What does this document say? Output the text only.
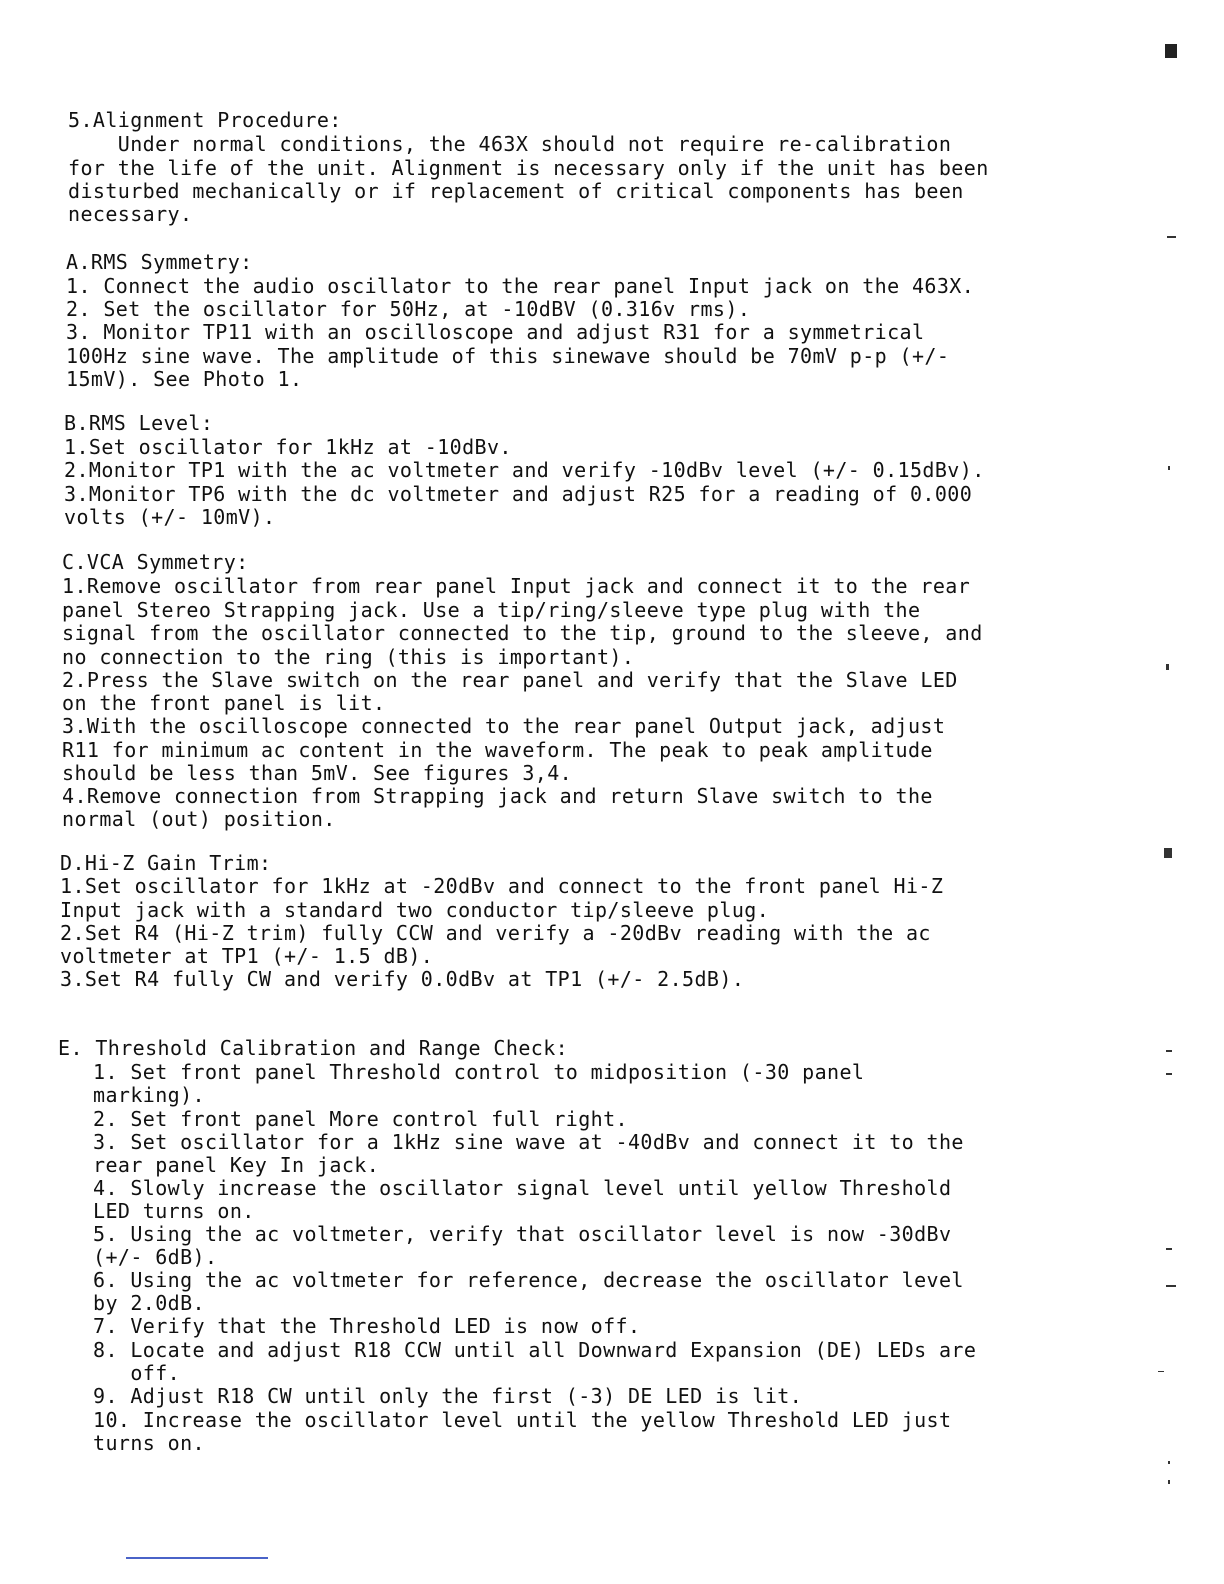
5.Alignment Procedure:
Under normal conditions, the 463X should not require re-calibration
for the life of the unit. Alignment is necessary only if the unit has been
disturbed mechanically or if replacement of critical components has been
necessary.
A.RMS Symmetry:
1. Connect the audio oscillator to the rear panel Input jack on the 463X.
2. Set the oscillator for 50Hz, at -10dBV (0.316v rms).
3. Monitor TP11 with an oscilloscope and adjust R31 for a symmetrical
100Hz sine wave. The amplitude of this sinewave should be 70mV p-p (+/-
15mV). See Photo 1.
B.RMS Level:
1.Set oscillator for 1kHz at -10dBv.
2.Monitor TP1 with the ac voltmeter and verify -10dBv level (+/- 0.15dBv).
3.Monitor TP6 with the dc voltmeter and adjust R25 for a reading of 0.000
volts (+/- 10mV).
C.VCA Symmetry:
1.Remove oscillator from rear panel Input jack and connect it to the rear
panel Stereo Strapping jack. Use a tip/ring/sleeve type plug with the
signal from the oscillator connected to the tip, ground to the sleeve, and
no connection to the ring (this is important).
2.Press the Slave switch on the rear panel and verify that the Slave LED
on the front panel is lit.
3.With the oscilloscope connected to the rear panel Output jack, adjust
R11 for minimum ac content in the waveform. The peak to peak amplitude
should be less than 5mV. See figures 3,4.
4.Remove connection from Strapping jack and return Slave switch to the
normal (out) position.
D.Hi-Z Gain Trim:
1.Set oscillator for 1kHz at -20dBv and connect to the front panel Hi-Z
Input jack with a standard two conductor tip/sleeve plug.
2.Set R4 (Hi-Z trim) fully CCW and verify a -20dBv reading with the ac
voltmeter at TP1 (+/- 1.5 dB).
3.Set R4 fully CW and verify 0.0dBv at TP1 (+/- 2.5dB).
E. Threshold Calibration and Range Check:
1. Set front panel Threshold control to midposition (-30 panel
marking).
2. Set front panel More control full right.
3. Set oscillator for a 1kHz sine wave at -40dBv and connect it to the
rear panel Key In jack.
4. Slowly increase the oscillator signal level until yellow Threshold
LED turns on.
5. Using the ac voltmeter, verify that oscillator level is now -30dBv
(+/- 6dB).
6. Using the ac voltmeter for reference, decrease the oscillator level
by 2.0dB.
7. Verify that the Threshold LED is now off.
8. Locate and adjust R18 CCW until all Downward Expansion (DE) LEDs are
off.
9. Adjust R18 CW until only the first (-3) DE LED is lit.
10. Increase the oscillator level until the yellow Threshold LED just
turns on.
